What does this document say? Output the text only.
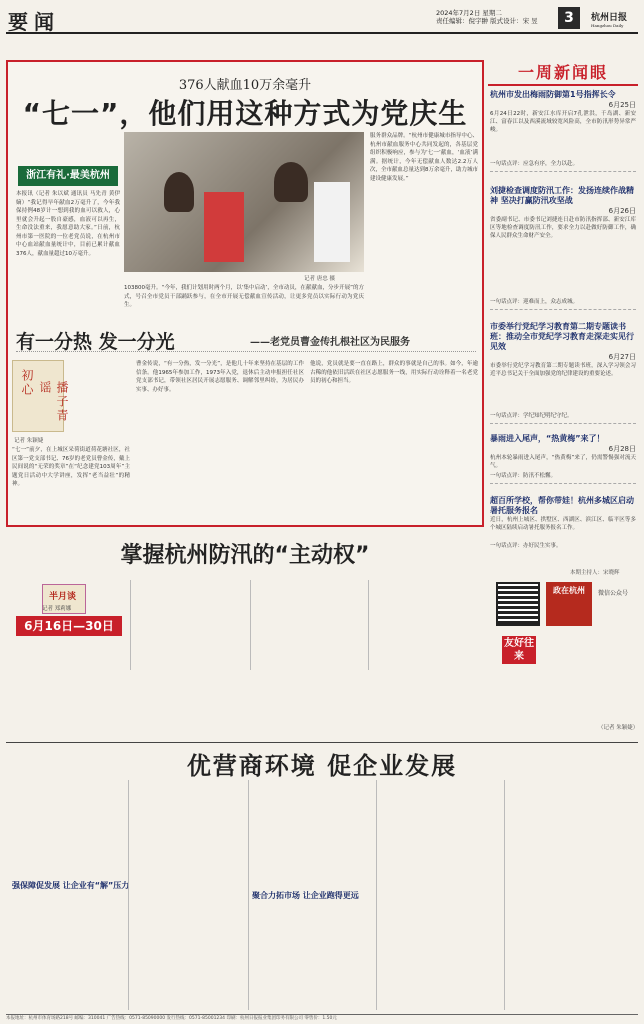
要闻	2024年7月2日 星期二
责任编辑：倪宇翀 版式设计：宋 昱	3	杭州日报
Hangzhou Daily
376人献血10万余毫升
“七一”，他们用这种方式为党庆生
浙江有礼·最美杭州
本报讯（记者 朱以斌 通讯员 马先青 黄伊嫡）“我记得早年献血2万毫升了，今年我保持例48岁计一想到我的血可以救人，心里就会升起一股自豪感，血液可以再生，生命没法重来，我愿意助大家。”日前，杭州市第一医院的一位老党员说，在杭州市中心血站献血量统计中，目前已累计献血376人，献血量超过10万毫升。
记者 唐忠 摄
103800毫升。“今年，我们计划用时两个月，以‘集中启动’，全市动员，在献献血，分步开展”的方式，号召全市党员干部踊跃参与，在全市开展无偿献血宣传活动，让更多党员以实际行动为党庆生。
服务群众品牌。“杭州市健康城市指导中心、杭州市献血服务中心共同发起的，各基层党组织积极响应，参与为‘七一’献血，‘血液’满满。据统计，今年无偿献血人数达2.2万人次，全市献血总量达到8万余毫升，助力城市建设健康发展。”
有一分热 发一分光	——老党员曹金传扎根社区为民服务
初心	播子青谣
记者 朱颖婕
“七一”前夕，在上城区采荷街道荷花塘社区，社区第一党支部书记、76岁的老党员曹金传，戴上民间说的“无荣的奖章”在“纪念建党103周年”主题党日活动中大学讲座，发挥“老当益壮”的精神。
曹金传说，“有一分热，发一分光”，是他几十年来坚持在基层的工作信条。他1965年参加工作，1973年入党，退休后主动申报担任社区党支部书记，带领社区居民开展志愿服务、调解邻里纠纷，为居民办实事、办好事。
他说，党员就是要一直在路上，群众的事就是自己的事。如今，年逾古稀的他依旧活跃在社区志愿服务一线，用实际行动诠释着一名老党员的初心和担当。
一周新闻眼
杭州市发出梅雨防御第1号指挥长令
6月25日
6月24日22时，新安江水库开启7孔泄洪，千岛湖、新安江、富春江以及西溪流域较宽风险高，全市防汛形势异常严峻。
一句话点评：应急有序，全力以赴。
刘捷检查调度防汛工作：发扬连续作战精神 坚决打赢防汛攻坚战
6月26日
省委副书记、市委书记刘捷连日赴市防汛指挥部、新安江库区等地检查调度防汛工作，要求全力以赴做好防御工作，确保人民群众生命财产安全。
一句话点评：迎难而上，众志成城。
市委举行党纪学习教育第二期专题读书班：推动全市党纪学习教育走深走实见行见效
6月27日
市委举行党纪学习教育第二期专题读书班，深入学习领会习近平总书记关于全面加强党的纪律建设的重要论述。
一句话点评：学纪知纪明纪守纪。
暴雨进入尾声，“热黄梅”来了！
6月28日
杭州本轮暴雨进入尾声，“热黄梅”来了，仍需警惕强对流天气。
一句话点评：防汛不松懈。
超百所学校，帮你带娃！杭州多城区启动暑托服务报名
近日，杭州上城区、拱墅区、西湖区、滨江区、临平区等多个城区陆续启动暑托服务报名工作。
一句话点评：办好民生实事。
本期主持人：宋晓辉
政在杭州	微信公众号
掌握杭州防汛的“主动权”
半月谈
记者 郑莉娜
6月16日—30日
友好往来
（记者 朱颖婕）
优营商环境 促企业发展
强保障促发展 让企业有“解”压力
聚合力拓市场 让企业跑得更远
本报地址：杭州市体育场路218号 邮编：310041 广告热线：0571-85090000 发行热线：0571-85001234 印刷：杭州日报报业集团印务有限公司 零售价：1.50元
